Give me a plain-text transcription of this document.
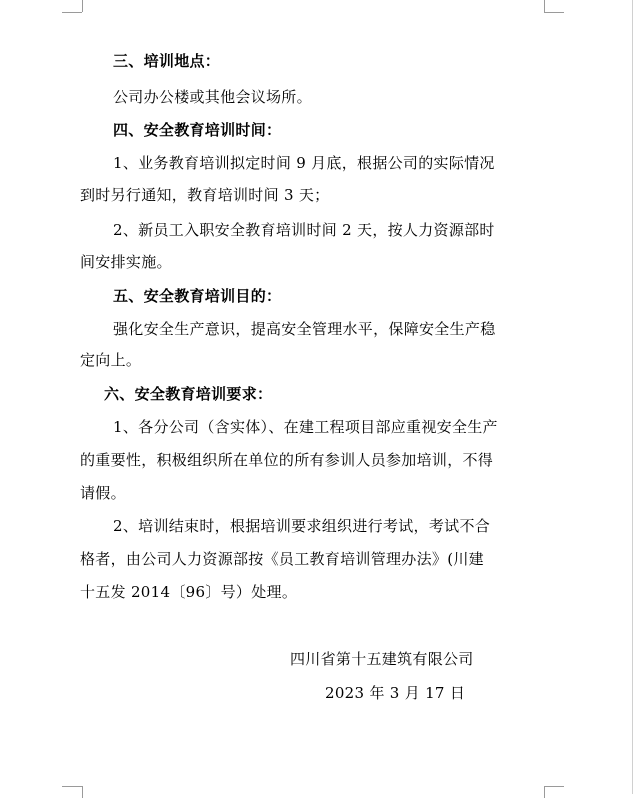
三、培训地点：
公司办公楼或其他会议场所。
四、安全教育培训时间：
1、业务教育培训拟定时间 9 月底，根据公司的实际情况
到时另行通知，教育培训时间 3 天；
2、新员工入职安全教育培训时间 2 天，按人力资源部时
间安排实施。
五、安全教育培训目的：
强化安全生产意识，提高安全管理水平，保障安全生产稳
定向上。
六、安全教育培训要求：
1、各分公司（含实体）、在建工程项目部应重视安全生产
的重要性，积极组织所在单位的所有参训人员参加培训，不得
请假。
2、培训结束时，根据培训要求组织进行考试，考试不合
格者，由公司人力资源部按《员工教育培训管理办法》(川建
十五发 2014〔96〕号）处理。
四川省第十五建筑有限公司
2023 年 3 月 17 日
